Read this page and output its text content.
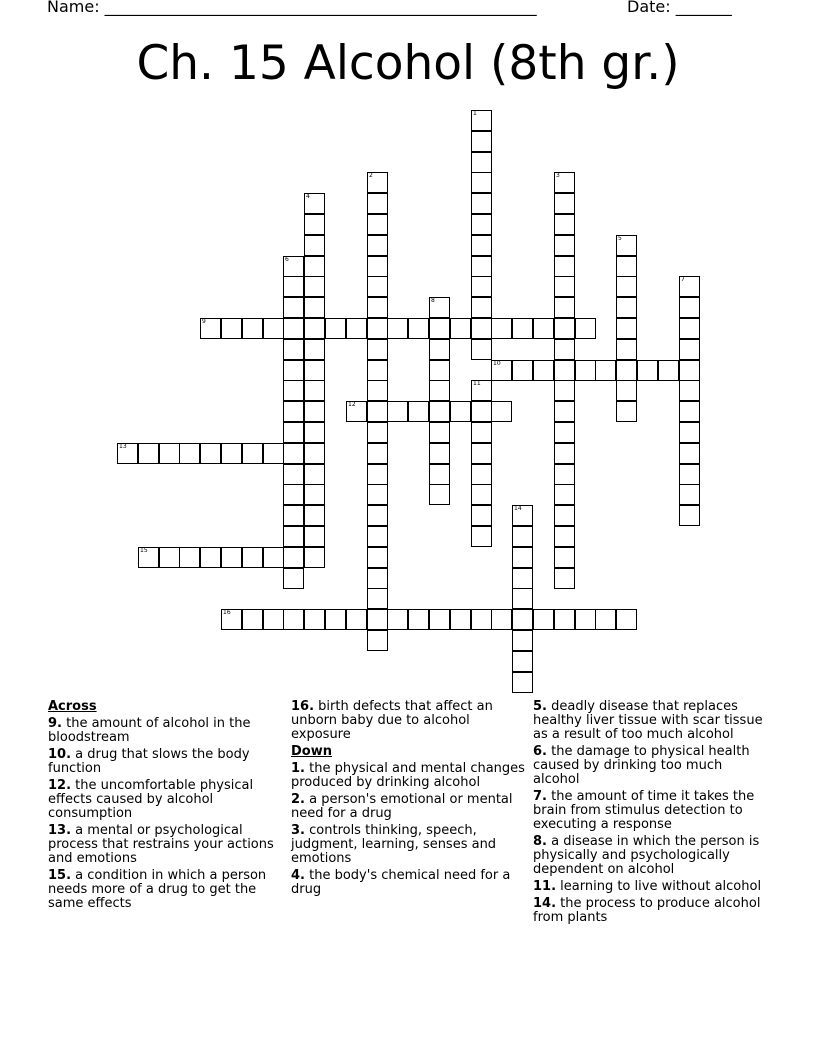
Name: ______________________________________________________	Date: _______
Ch. 15 Alcohol (8th gr.)
1
2	3
4
5
6
7
8
9
10
11
12
13
14
15
16
Across
9. the amount of alcohol in the bloodstream
10. a drug that slows the body function
12. the uncomfortable physical effects caused by alcohol consumption
13. a mental or psychological process that restrains your actions and emotions
15. a condition in which a person needs more of a drug to get the same effects
16. birth defects that affect an unborn baby due to alcohol exposure
Down
1. the physical and mental changes produced by drinking alcohol
2. a person's emotional or mental need for a drug
3. controls thinking, speech, judgment, learning, senses and emotions
4. the body's chemical need for a drug
5. deadly disease that replaces healthy liver tissue with scar tissue as a result of too much alcohol
6. the damage to physical health caused by drinking too much alcohol
7. the amount of time it takes the brain from stimulus detection to executing a response
8. a disease in which the person is physically and psychologically dependent on alcohol
11. learning to live without alcohol
14. the process to produce alcohol from plants
